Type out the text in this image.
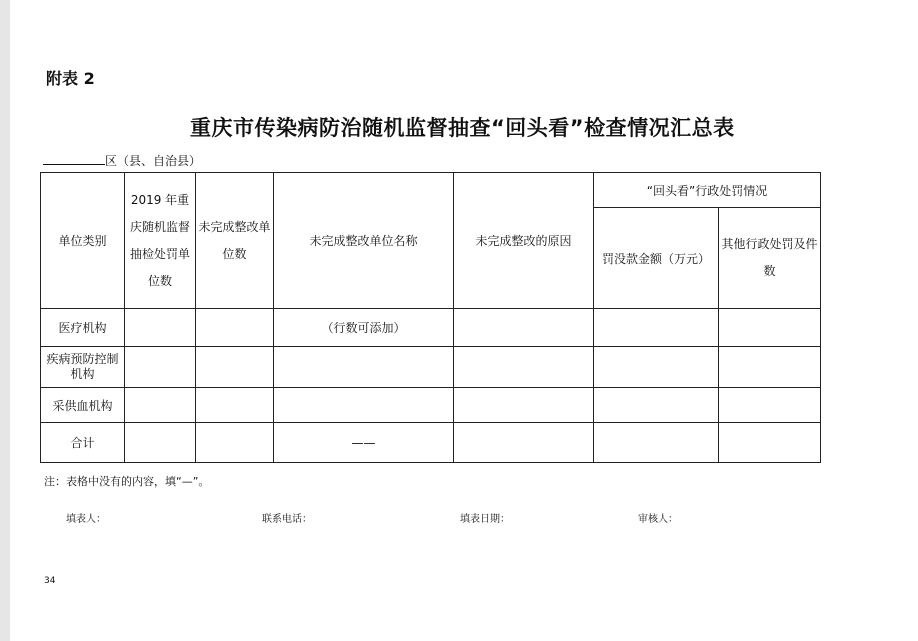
附表 2
重庆市传染病防治随机监督抽查“回头看”检查情况汇总表
区（县、自治县）
单位类别	2019 年重庆随机监督抽检处罚单位数	未完成整改单位数	未完成整改单位名称	未完成整改的原因	“回头看”行政处罚情况	
					罚没款金额（万元）	其他行政处罚及件数
医疗机构			（行数可添加）			
疾病预防控制机构						
采供血机构						
合计			——			
注：表格中没有的内容，填“—”。
填表人：	联系电话：	填表日期：	审核人：
34
